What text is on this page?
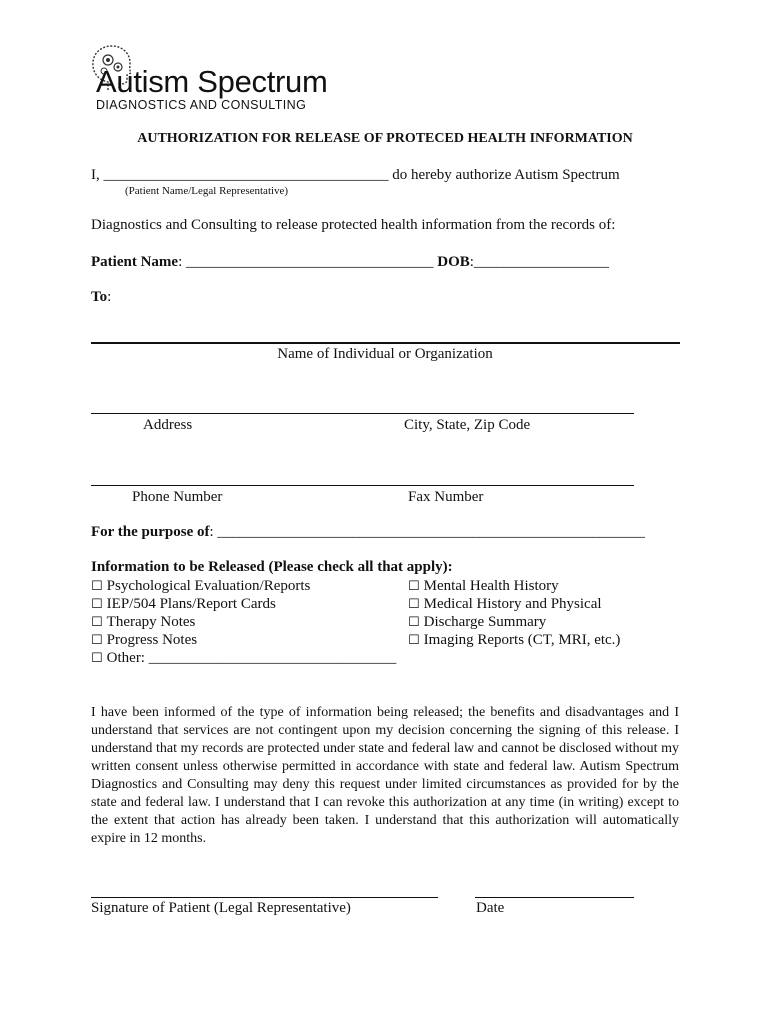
Autism Spectrum
DIAGNOSTICS AND CONSULTING
AUTHORIZATION FOR RELEASE OF PROTECED HEALTH INFORMATION
I, ______________________________________ do hereby authorize Autism Spectrum
(Patient Name/Legal Representative)
Diagnostics and Consulting to release protected health information from the records of:
Patient Name: _________________________________ DOB:__________________
To:
Name of Individual or Organization
Address	City, State, Zip Code
Phone Number	Fax Number
For the purpose of: _________________________________________________________
Information to be Released (Please check all that apply):
☐ Psychological Evaluation/Reports
☐ IEP/504 Plans/Report Cards
☐ Therapy Notes
☐ Progress Notes
☐ Other: _________________________________
☐ Mental Health History
☐ Medical History and Physical
☐ Discharge Summary
☐ Imaging Reports (CT, MRI, etc.)
I have been informed of the type of information being released; the benefits and disadvantages and I understand that services are not contingent upon my decision concerning the signing of this release. I understand that my records are protected under state and federal law and cannot be disclosed without my written consent unless otherwise permitted in accordance with state and federal law. Autism Spectrum Diagnostics and Consulting may deny this request under limited circumstances as provided for by the state and federal law. I understand that I can revoke this authorization at any time (in writing) except to the extent that action has already been taken. I understand that this authorization will automatically expire in 12 months.
Signature of Patient (Legal Representative)	Date
